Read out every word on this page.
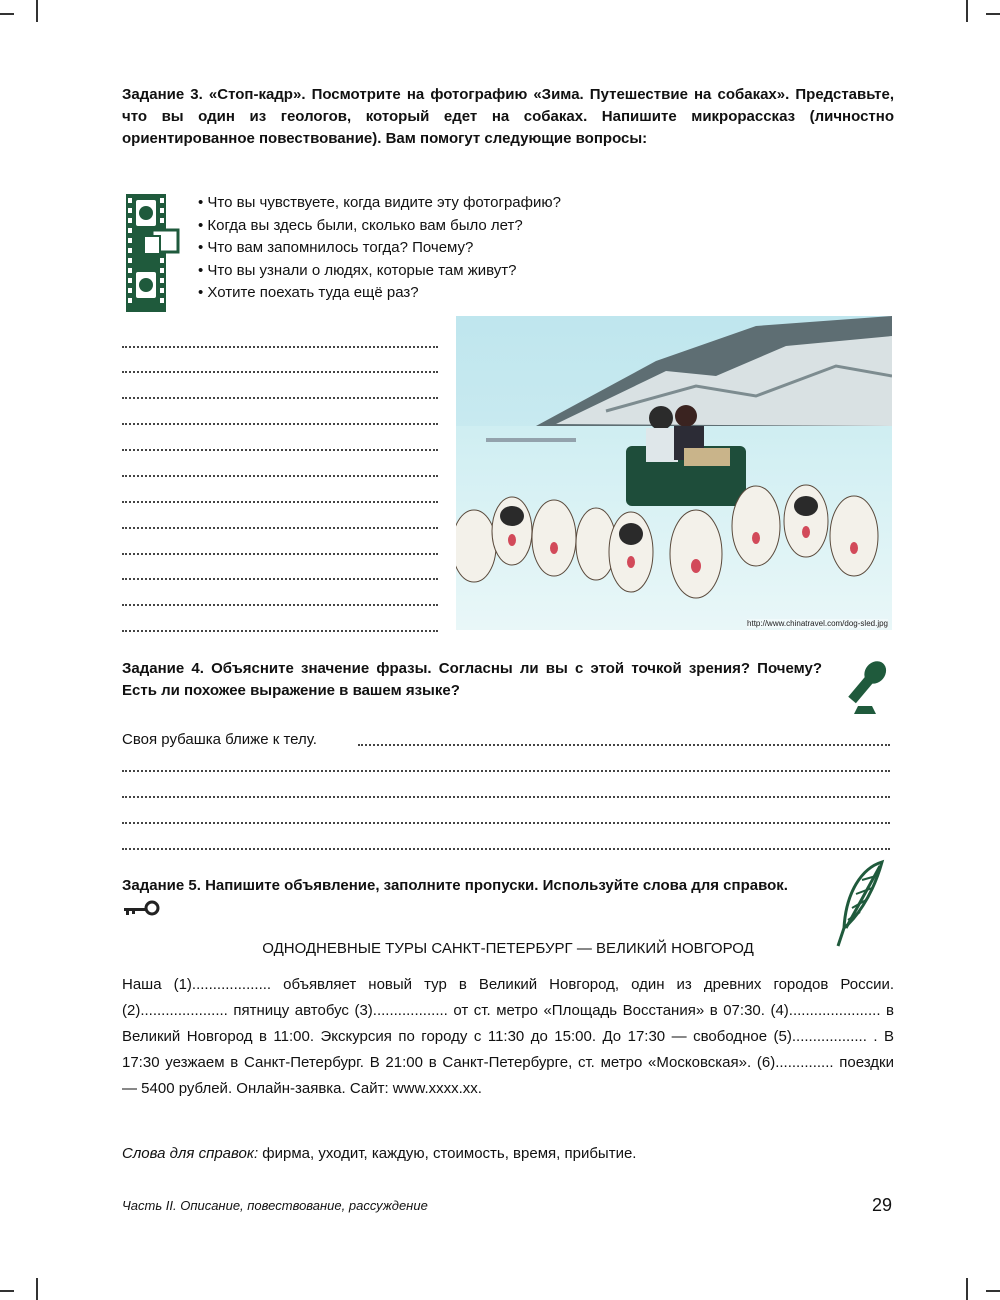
Задание 3. «Стоп-кадр». Посмотрите на фотографию «Зима. Путешествие на собаках». Представьте, что вы один из геологов, который едет на собаках. Напишите микрорассказ (личностно ориентированное повествование). Вам помогут следующие вопросы:
• Что вы чувствуете, когда видите эту фотографию?
• Когда вы здесь были, сколько вам было лет?
• Что вам запомнилось тогда? Почему?
• Что вы узнали о людях, которые там живут?
• Хотите поехать туда ещё раз?
http://www.chinatravel.com/dog-sled.jpg
Задание 4. Объясните значение фразы. Согласны ли вы с этой точкой зрения? Почему? Есть ли похожее выражение в вашем языке?
Своя рубашка ближе к телу.
Задание 5. Напишите объявление, заполните пропуски. Используйте слова для справок.
ОДНОДНЕВНЫЕ ТУРЫ САНКТ-ПЕТЕРБУРГ — ВЕЛИКИЙ НОВГОРОД
Наша (1)................... объявляет новый тур в Великий Новгород, один из древних городов России. (2)..................... пятницу автобус (3).................. от ст. метро «Площадь Восстания» в 07:30. (4)...................... в Великий Новгород в 11:00. Экскурсия по городу с 11:30 до 15:00. До 17:30 — свободное (5).................. . В 17:30 уезжаем в Санкт-Петербург. В 21:00 в Санкт-Петербурге, ст. метро «Московская». (6).............. поездки — 5400 рублей. Онлайн-заявка. Сайт: www.xxxx.xx.
Слова для справок: фирма, уходит, каждую, стоимость, время, прибытие.
Часть II. Описание, повествование, рассуждение	29
